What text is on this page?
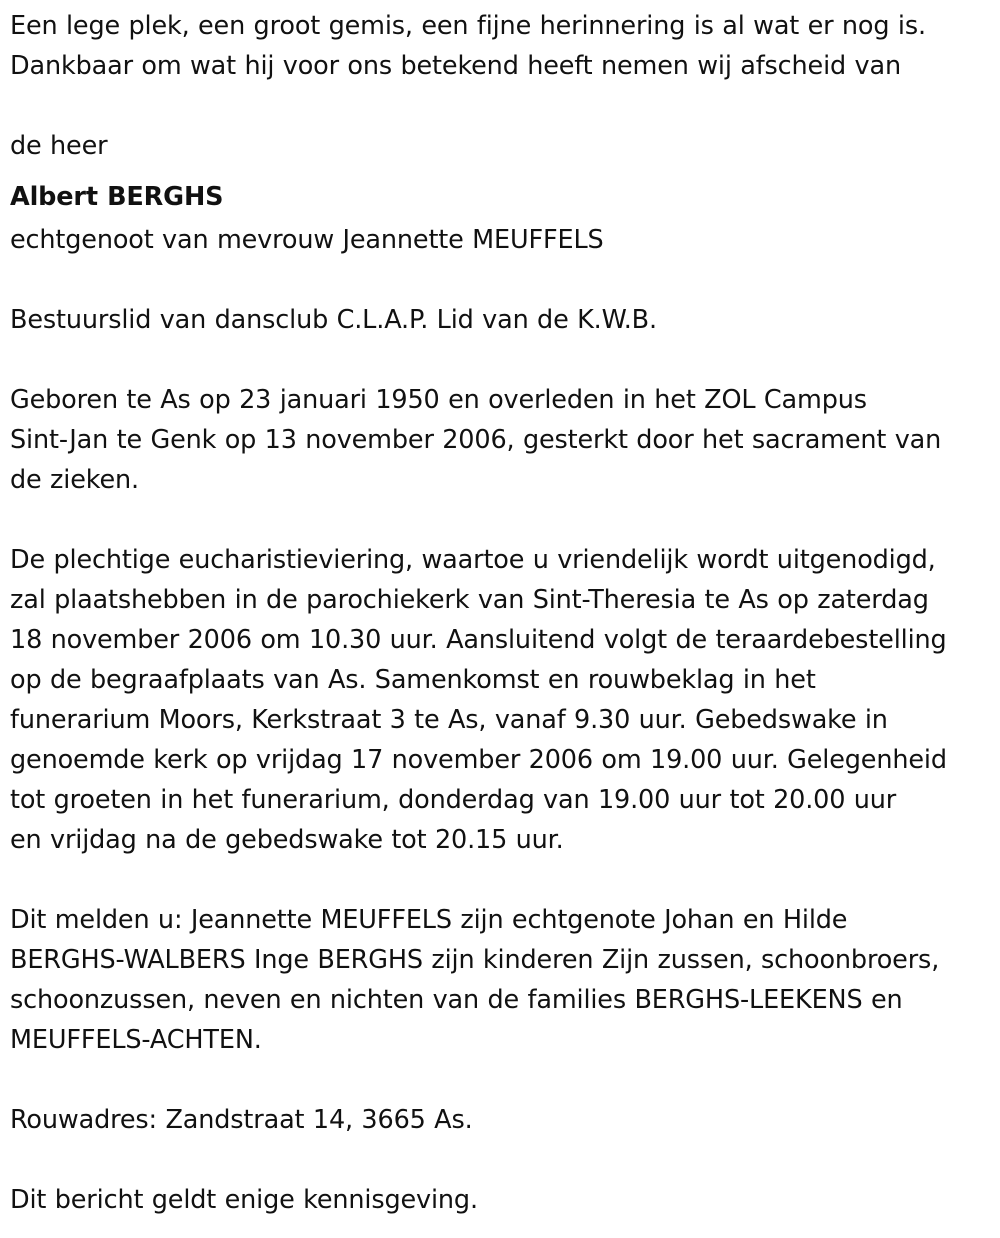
Een lege plek, een groot gemis, een fijne herinnering is al wat er nog is.
Dankbaar om wat hij voor ons betekend heeft nemen wij afscheid van
de heer
Albert BERGHS
echtgenoot van mevrouw Jeannette MEUFFELS
Bestuurslid van dansclub C.L.A.P. Lid van de K.W.B.
Geboren te As op 23 januari 1950 en overleden in het ZOL Campus
Sint-Jan te Genk op 13 november 2006, gesterkt door het sacrament van
de zieken.
De plechtige eucharistieviering, waartoe u vriendelijk wordt uitgenodigd,
zal plaatshebben in de parochiekerk van Sint-Theresia te As op zaterdag
18 november 2006 om 10.30 uur. Aansluitend volgt de teraardebestelling
op de begraafplaats van As. Samenkomst en rouwbeklag in het
funerarium Moors, Kerkstraat 3 te As, vanaf 9.30 uur. Gebedswake in
genoemde kerk op vrijdag 17 november 2006 om 19.00 uur. Gelegenheid
tot groeten in het funerarium, donderdag van 19.00 uur tot 20.00 uur
en vrijdag na de gebedswake tot 20.15 uur.
Dit melden u: Jeannette MEUFFELS zijn echtgenote Johan en Hilde
BERGHS-WALBERS Inge BERGHS zijn kinderen Zijn zussen, schoonbroers,
schoonzussen, neven en nichten van de families BERGHS-LEEKENS en
MEUFFELS-ACHTEN.
Rouwadres: Zandstraat 14, 3665 As.
Dit bericht geldt enige kennisgeving.
